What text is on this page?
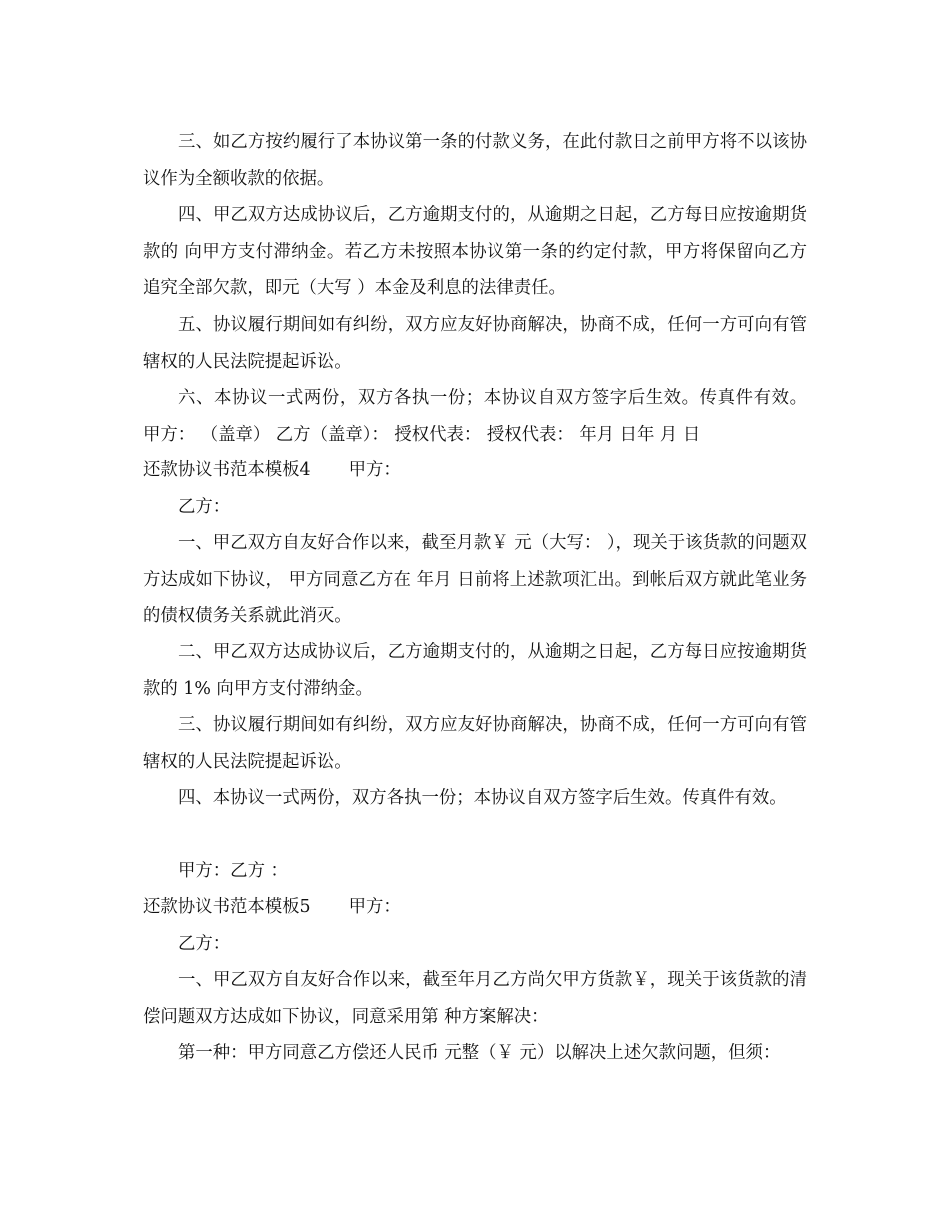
三、如乙方按约履行了本协议第一条的付款义务，在此付款日之前甲方将不以该协议作为全额收款的依据。

四、甲乙双方达成协议后，乙方逾期支付的，从逾期之日起，乙方每日应按逾期货款的 向甲方支付滞纳金。若乙方未按照本协议第一条的约定付款，甲方将保留向乙方追究全部欠款，即元（大写 ）本金及利息的法律责任。

五、协议履行期间如有纠纷，双方应友好协商解决，协商不成，任何一方可向有管辖权的人民法院提起诉讼。

六、本协议一式两份，双方各执一份；本协议自双方签字后生效。传真件有效。 甲方： （盖章） 乙方（盖章）： 授权代表： 授权代表： 年月 日年 月 日

还款协议书范本模板4 甲方：
乙方：

一、甲乙双方自友好合作以来，截至月款￥ 元（大写： ），现关于该货款的问题双方达成如下协议， 甲方同意乙方在 年月 日前将上述款项汇出。到帐后双方就此笔业务的债权债务关系就此消灭。

二、甲乙双方达成协议后，乙方逾期支付的，从逾期之日起，乙方每日应按逾期货款的 1% 向甲方支付滞纳金。

三、协议履行期间如有纠纷，双方应友好协商解决，协商不成，任何一方可向有管辖权的人民法院提起诉讼。

四、本协议一式两份，双方各执一份；本协议自双方签字后生效。传真件有效。

甲方：乙方 ：
还款协议书范本模板5 甲方：
乙方：

一、甲乙双方自友好合作以来，截至年月乙方尚欠甲方货款￥，现关于该货款的清偿问题双方达成如下协议，同意采用第 种方案解决：

第一种：甲方同意乙方偿还人民币 元整（￥ 元）以解决上述欠款问题，但须：
